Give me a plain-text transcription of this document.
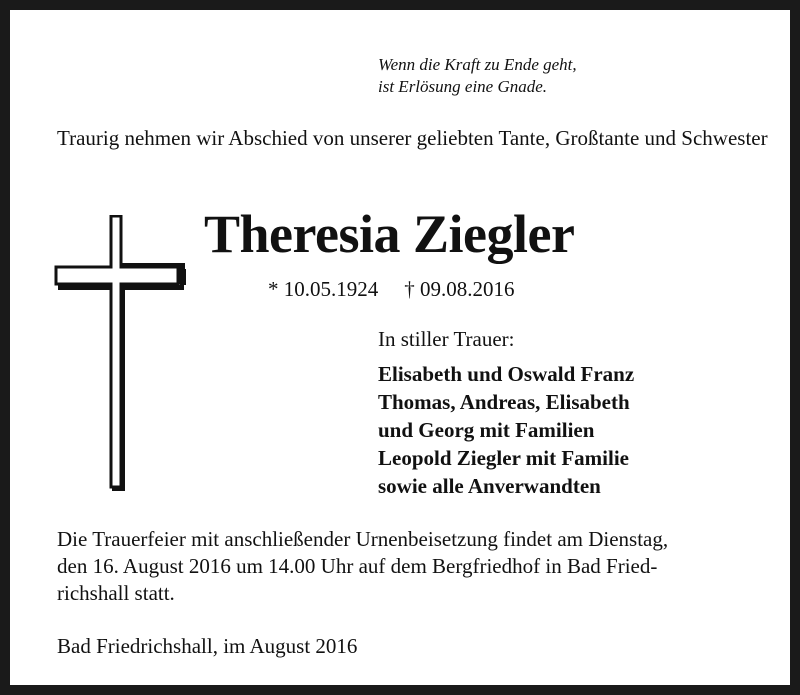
Wenn die Kraft zu Ende geht,
ist Erlösung eine Gnade.
Traurig nehmen wir Abschied von unserer geliebten Tante, Großtante und Schwester
Theresia Ziegler
* 10.05.1924 † 09.08.2016
In stiller Trauer:
Elisabeth und Oswald Franz
Thomas, Andreas, Elisabeth
und Georg mit Familien
Leopold Ziegler mit Familie
sowie alle Anverwandten
Die Trauerfeier mit anschließender Urnenbeisetzung findet am Dienstag,
den 16. August 2016 um 14.00 Uhr auf dem Bergfriedhof in Bad Fried-
richshall statt.
Bad Friedrichshall, im August 2016
